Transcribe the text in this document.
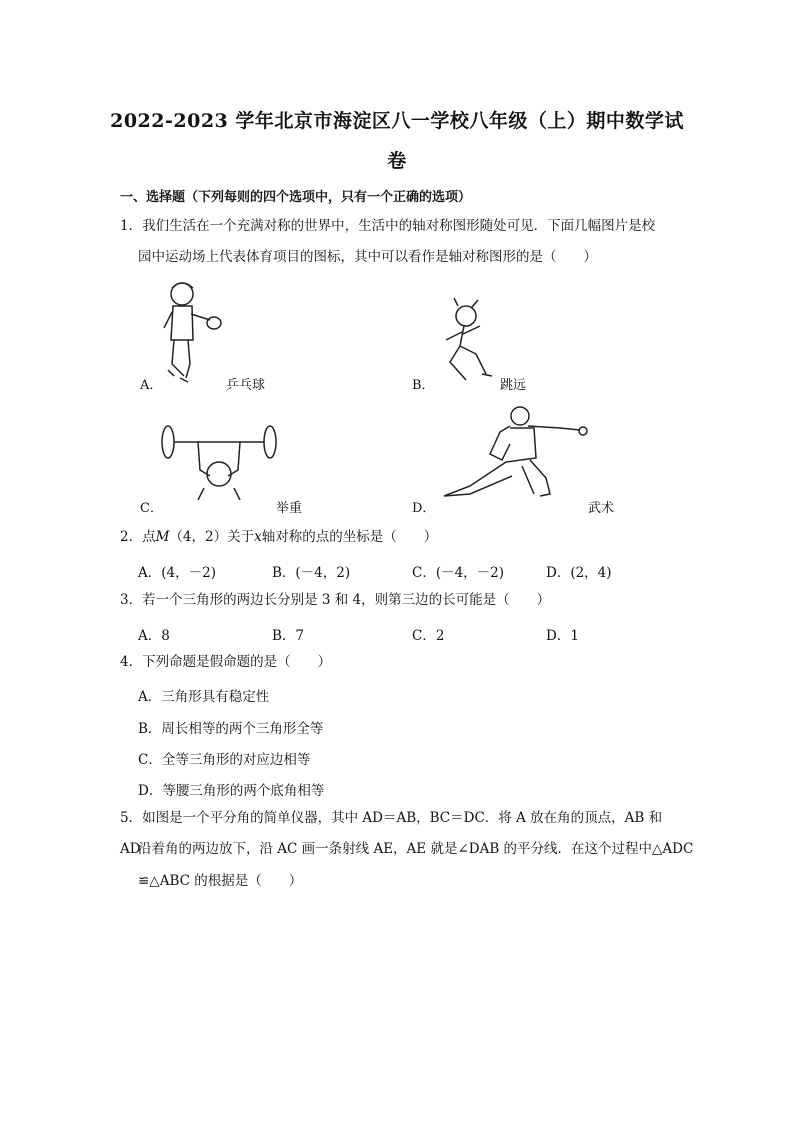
2022-2023 学年北京市海淀区八一学校八年级（上）期中数学试
卷
一、选择题（下列每则的四个选项中，只有一个正确的选项）
1．我们生活在一个充满对称的世界中，生活中的轴对称图形随处可见．下面几幅图片是校
园中运动场上代表体育项目的图标，其中可以看作是轴对称图形的是（　　）
A．	乒乓球	B．	跳远
C．	举重	D．	武术
2．点M（4，2）关于x轴对称的点的坐标是（　　）
A．(4，－2)	B．(－4，2)	C．(－4，－2)	D．(2，4)
3．若一个三角形的两边长分别是 3 和 4，则第三边的长可能是（　　）
A．8	B．7	C．2	D．1
4．下列命题是假命题的是（　　）
A．三角形具有稳定性
B．周长相等的两个三角形全等
C．全等三角形的对应边相等
D．等腰三角形的两个底角相等
5．如图是一个平分角的简单仪器，其中 AD＝AB，BC＝DC．将 A 放在角的顶点，AB 和 AD
沿着角的两边放下，沿 AC 画一条射线 AE，AE 就是∠DAB 的平分线．在这个过程中△ADC
≌△ABC 的根据是（　　）
